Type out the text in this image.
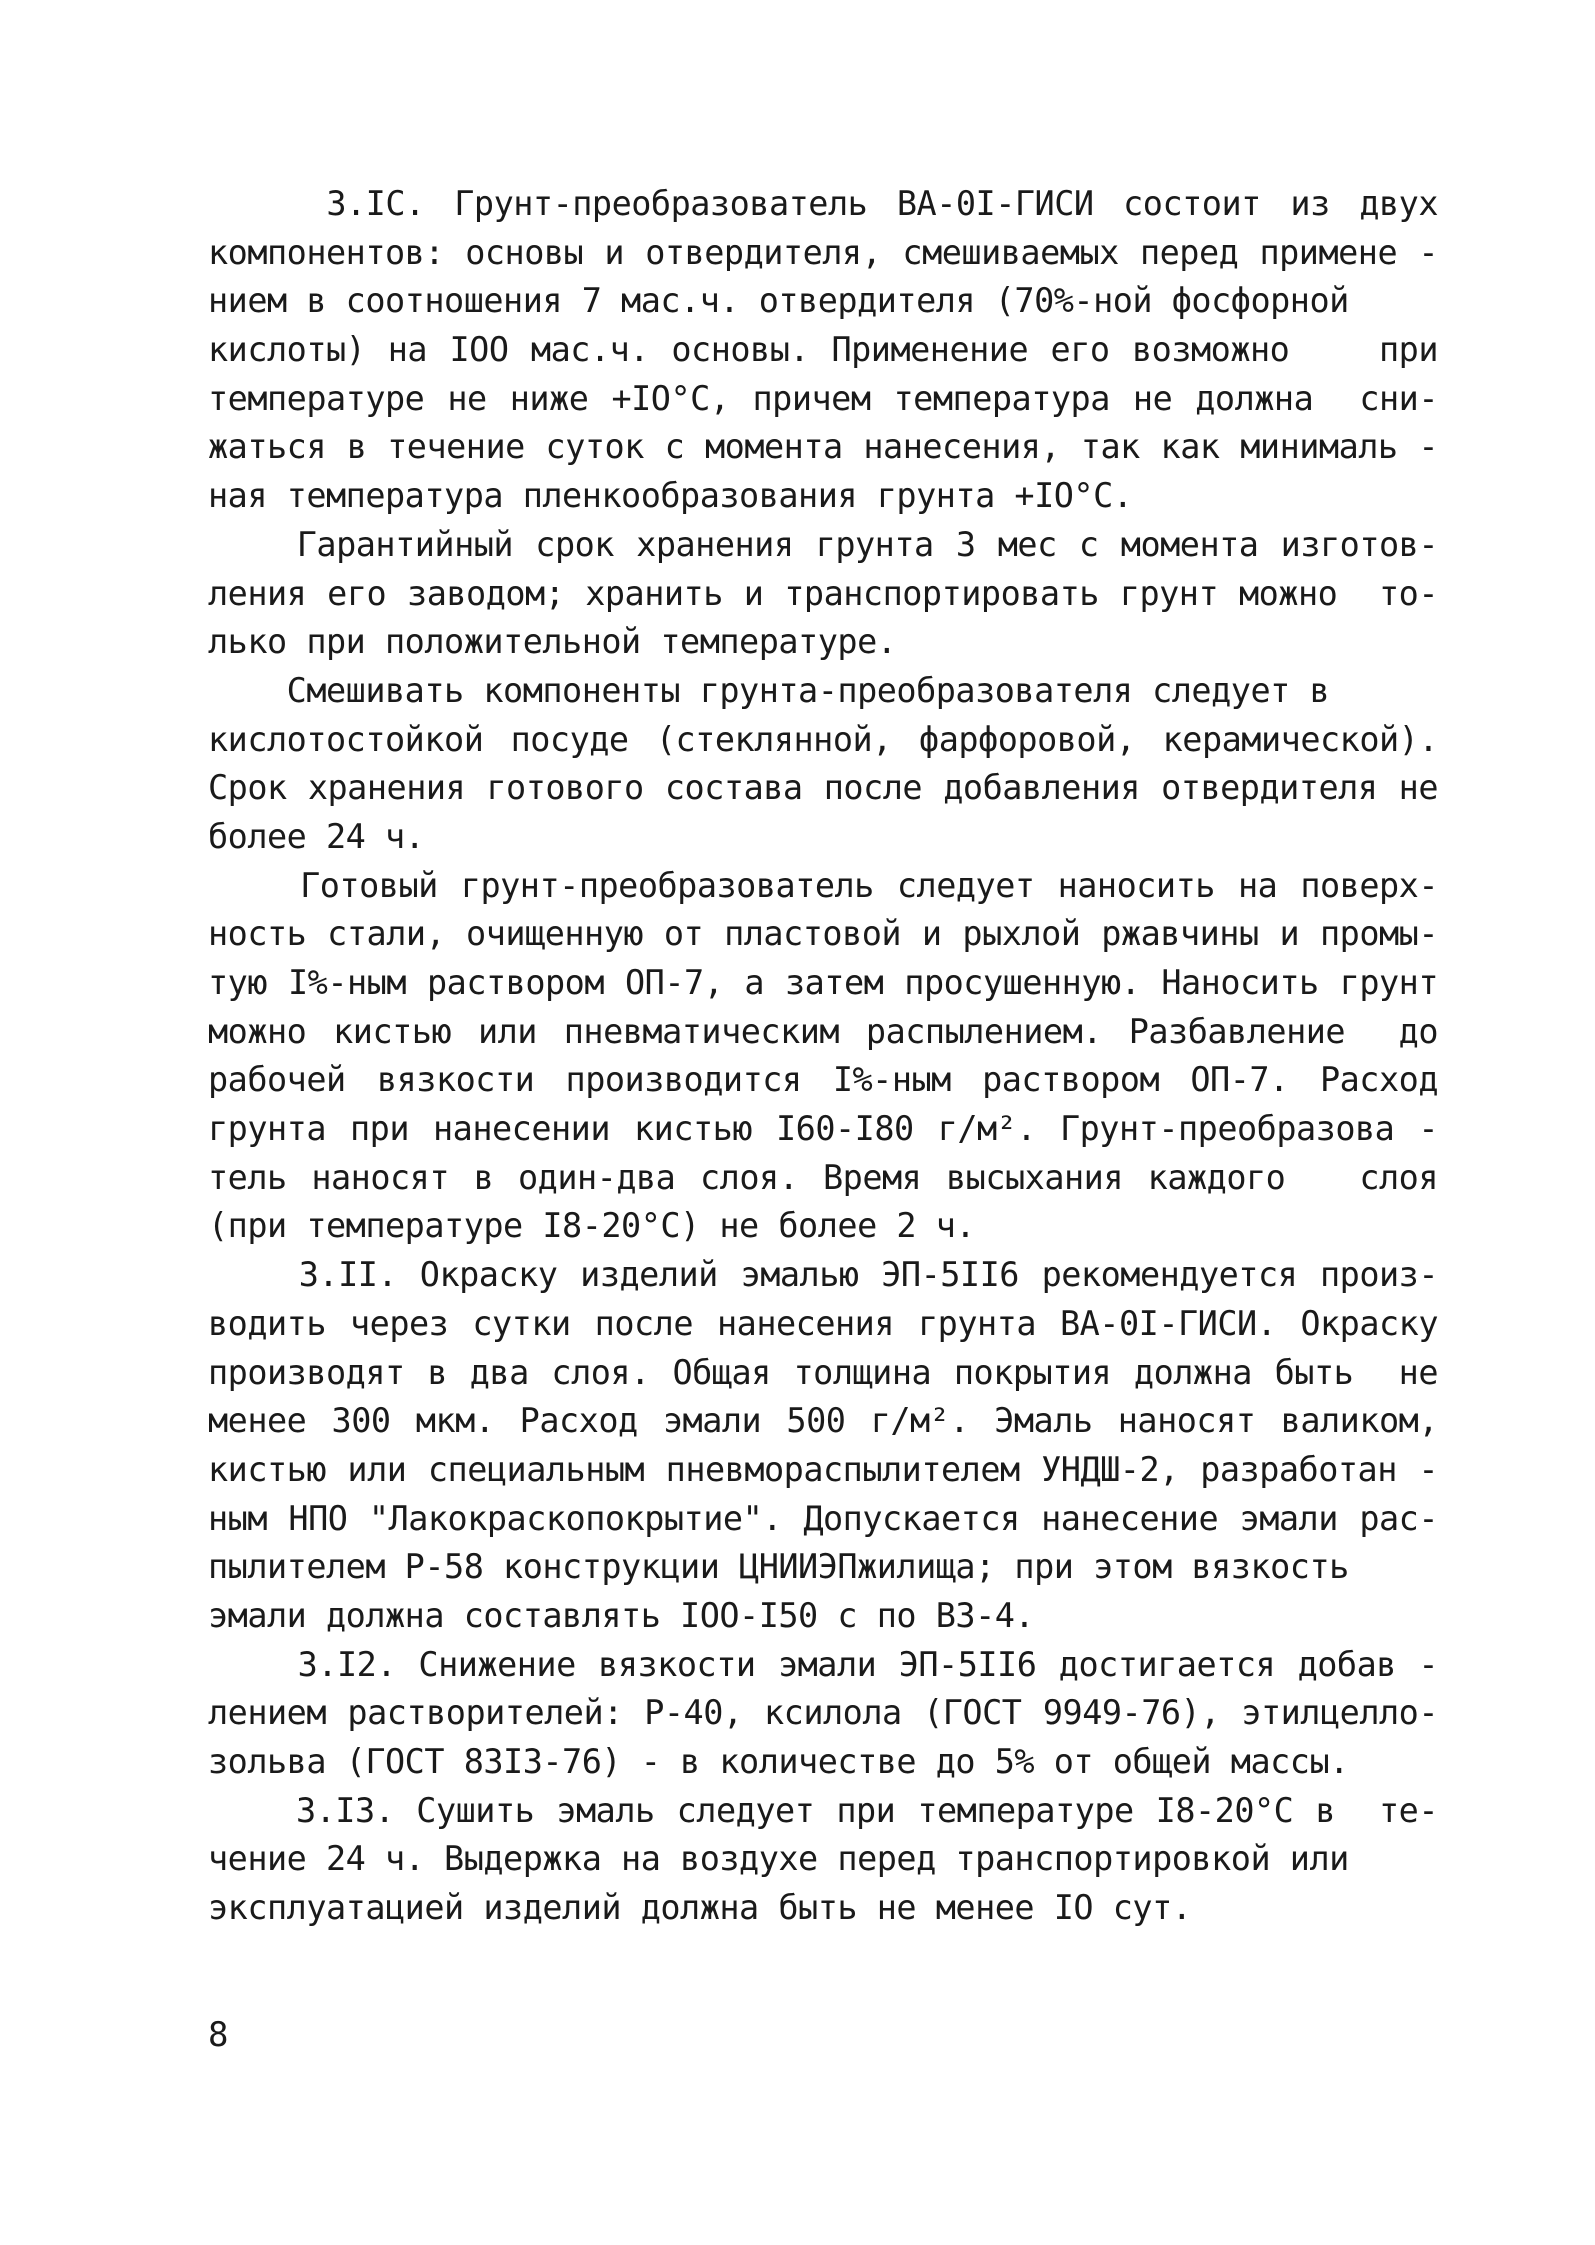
3.IС. Грунт-преобразователь ВА-0I-ГИСИ состоит из двух
компонентов: основы и отвердителя, смешиваемых перед примене -
нием в соотношения 7 мас.ч. отвердителя (70%-ной фосфорной
кислоты) на IОО мас.ч. основы. Применение его возможно    при
температуре не ниже +IО°С, причем температура не должна  сни-
жаться в течение суток с момента нанесения, так как минималь -
ная температура пленкообразования грунта +IО°С.
Гарантийный срок хранения грунта 3 мес с момента изготов-
ления его заводом; хранить и транспортировать грунт можно  то-
лько при положительной температуре.
Смешивать компоненты грунта-преобразователя следует в
кислотостойкой посуде (стеклянной, фарфоровой, керамической).
Срок хранения готового состава после добавления отвердителя не
более 24 ч.
Готовый грунт-преобразователь следует наносить на поверх-
ность стали, очищенную от пластовой и рыхлой ржавчины и промы-
тую I%-ным раствором ОП-7, а затем просушенную. Наносить грунт
можно кистью или пневматическим распылением. Разбавление  до
рабочей вязкости производится I%-ным раствором ОП-7. Расход
грунта при нанесении кистью I60-I80 г/м². Грунт-преобразова -
тель наносят в один-два слоя. Время высыхания каждого   слоя
(при температуре I8-20°С) не более 2 ч.
3.II. Окраску изделий эмалью ЭП-5II6 рекомендуется произ-
водить через сутки после нанесения грунта ВА-0I-ГИСИ. Окраску
производят в два слоя. Общая толщина покрытия должна быть  не
менее 300 мкм. Расход эмали 500 г/м². Эмаль наносят валиком,
кистью или специальным пневмораспылителем УНДШ-2, разработан -
ным НПО "Лакокраскопокрытие". Допускается нанесение эмали рас-
пылителем Р-58 конструкции ЦНИИЭПжилища; при этом вязкость
эмали должна составлять IОО-I50 с по ВЗ-4.
3.I2. Снижение вязкости эмали ЭП-5II6 достигается добав -
лением растворителей: Р-40, ксилола (ГОСТ 9949-76), этилцелло-
зольва (ГОСТ 83I3-76) - в количестве до 5% от общей массы.
3.I3. Сушить эмаль следует при температуре I8-20°С в  те-
чение 24 ч. Выдержка на воздухе перед транспортировкой или
эксплуатацией изделий должна быть не менее IО сут.
8
